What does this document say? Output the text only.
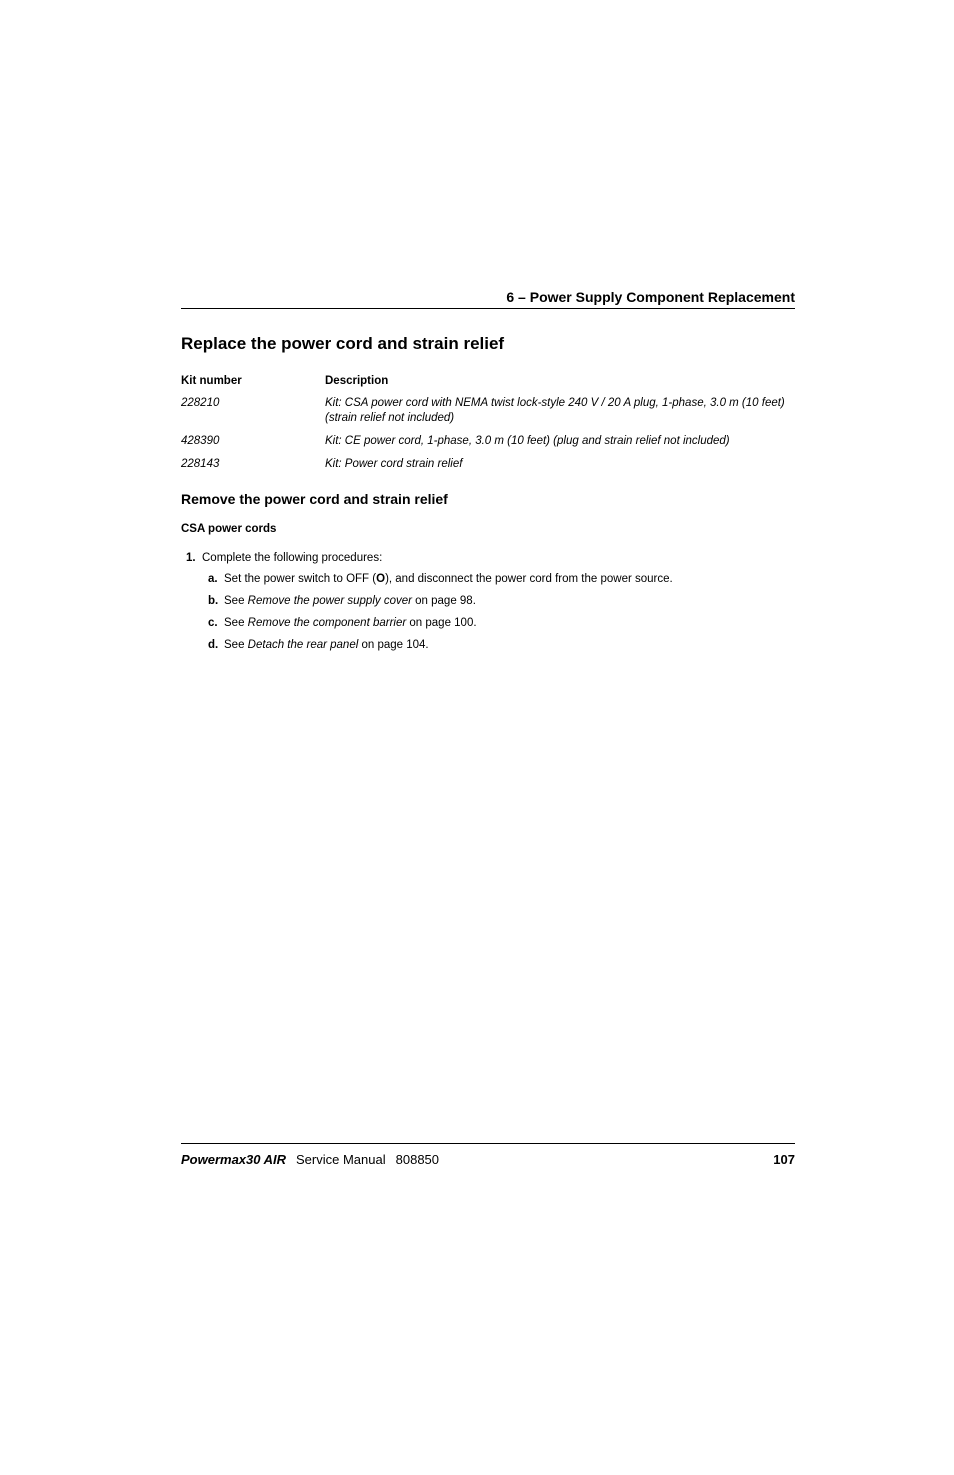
6 – Power Supply Component Replacement
Replace the power cord and strain relief
Kit number	Description
228210	Kit: CSA power cord with NEMA twist lock-style 240 V / 20 A plug, 1-phase, 3.0 m (10 feet) (strain relief not included)
428390	Kit: CE power cord, 1-phase, 3.0 m (10 feet) (plug and strain relief not included)
228143	Kit: Power cord strain relief
Remove the power cord and strain relief
CSA power cords
1. Complete the following procedures:
a. Set the power switch to OFF (O), and disconnect the power cord from the power source.
b. See Remove the power supply cover on page 98.
c. See Remove the component barrier on page 100.
d. See Detach the rear panel on page 104.
Powermax30 AIR Service Manual 808850	107
